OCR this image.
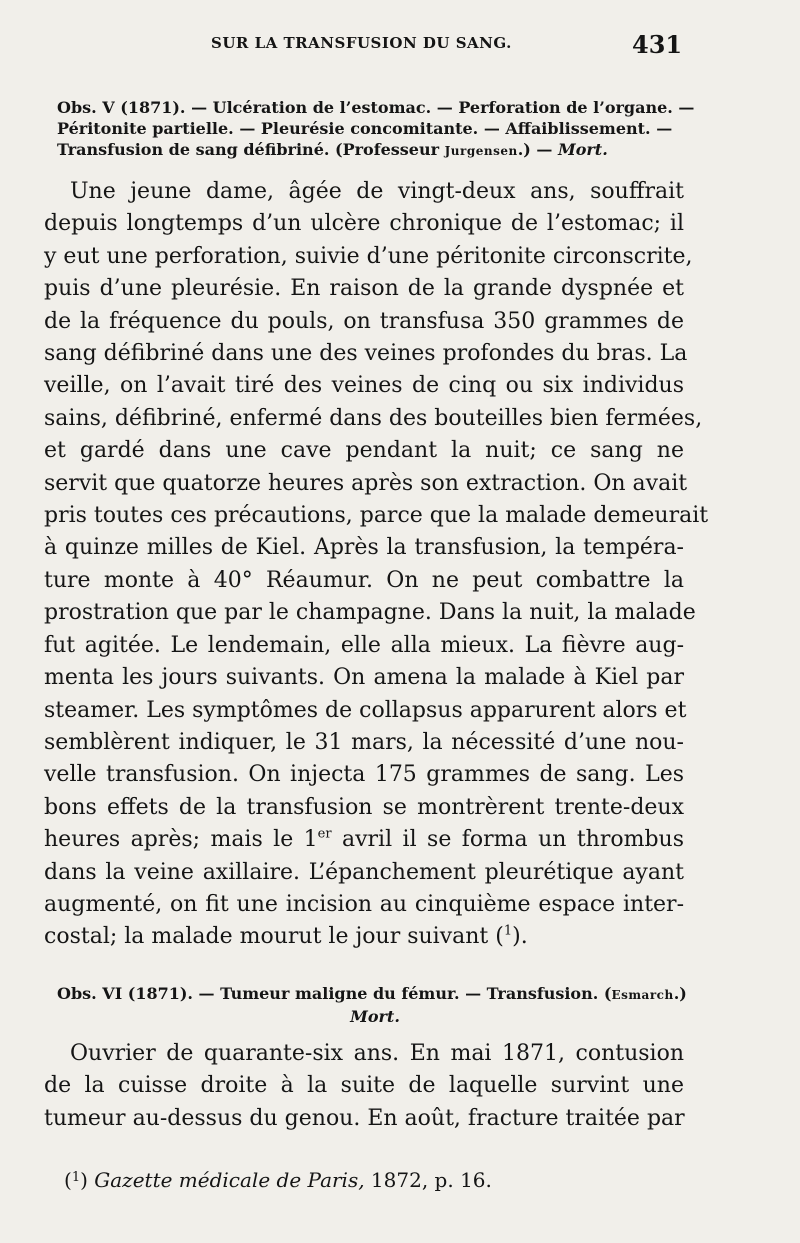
SUR LA TRANSFUSION DU SANG.	431
Obs. V (1871). — Ulcération de l’estomac. — Perforation de l’organe. —
Péritonite partielle. — Pleurésie concomitante. — Affaiblissement. —
Transfusion de sang défibriné. (Professeur Jurgensen.) — Mort.
Une jeune dame, âgée de vingt-deux ans, souffrait
depuis longtemps d’un ulcère chronique de l’estomac; il
y eut une perforation, suivie d’une péritonite circonscrite,
puis d’une pleurésie. En raison de la grande dyspnée et
de la fréquence du pouls, on transfusa 350 grammes de
sang défibriné dans une des veines profondes du bras. La
veille, on l’avait tiré des veines de cinq ou six individus
sains, défibriné, enfermé dans des bouteilles bien fermées,
et gardé dans une cave pendant la nuit; ce sang ne
servit que quatorze heures après son extraction. On avait
pris toutes ces précautions, parce que la malade demeurait
à quinze milles de Kiel. Après la transfusion, la tempéra-
ture monte à 40° Réaumur. On ne peut combattre la
prostration que par le champagne. Dans la nuit, la malade
fut agitée. Le lendemain, elle alla mieux. La fièvre aug-
menta les jours suivants. On amena la malade à Kiel par
steamer. Les symptômes de collapsus apparurent alors et
semblèrent indiquer, le 31 mars, la nécessité d’une nou-
velle transfusion. On injecta 175 grammes de sang. Les
bons effets de la transfusion se montrèrent trente-deux
heures après; mais le 1er avril il se forma un thrombus
dans la veine axillaire. L’épanchement pleurétique ayant
augmenté, on fit une incision au cinquième espace inter-
costal; la malade mourut le jour suivant ($^1$).
Obs. VI (1871). — Tumeur maligne du fémur. — Transfusion. (Esmarch.)
Mort.
Ouvrier de quarante-six ans. En mai 1871, contusion
de la cuisse droite à la suite de laquelle survint une
tumeur au-dessus du genou. En août, fracture traitée par
($^1$) Gazette médicale de Paris, 1872, p. 16.
